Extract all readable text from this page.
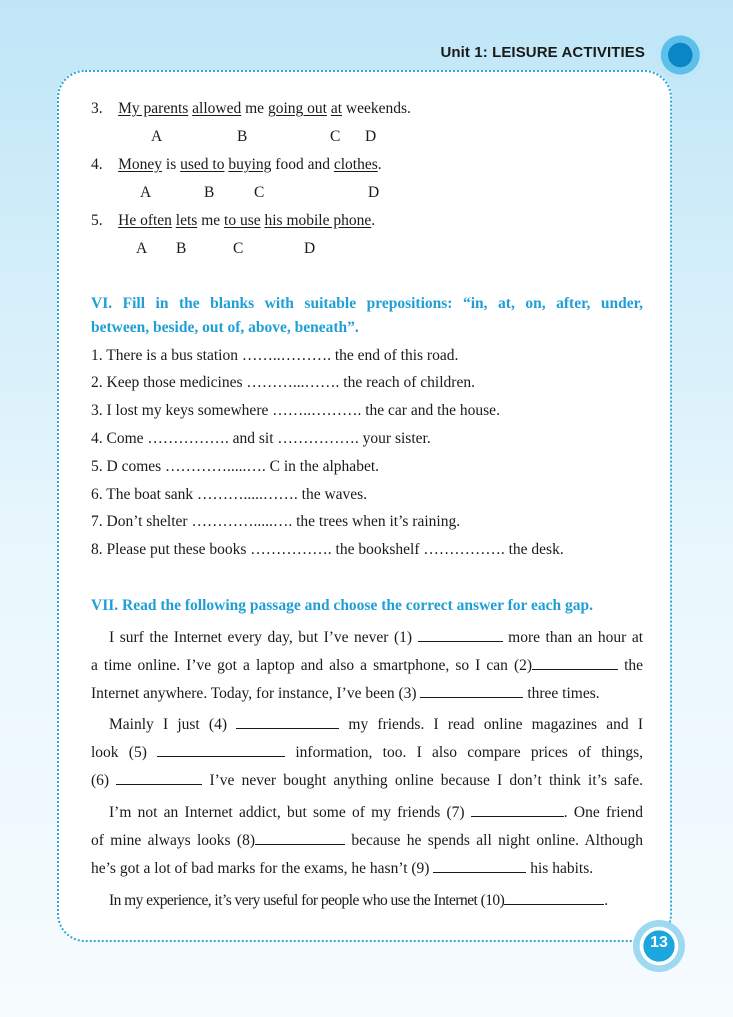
Unit 1: LEISURE ACTIVITIES
3. My parents allowed me going out at weekends.
A	B	C D
4. Money is used to buying food and clothes.
A	B	C	D
5. He often lets me to use his mobile phone.
A B	C	D
VI. Fill in the blanks with suitable prepositions: “in, at, on, after, under,
between, beside, out of, above, beneath”.
1. There is a bus station ……..………. the end of this road.
2. Keep those medicines ………...……. the reach of children.
3. I lost my keys somewhere ……..………. the car and the house.
4. Come ……………. and sit ……………. your sister.
5. D comes ………….....…. C in the alphabet.
6. The boat sank ……….....……. the waves.
7. Don’t shelter ………….....…. the trees when it’s raining.
8. Please put these books ……………. the bookshelf ……………. the desk.
VII. Read the following passage and choose the correct answer for each gap.
I surf the Internet every day, but I’ve never (1)	more than an hour at
a time online. I’ve got a laptop and also a smartphone, so I can (2)	the
Internet anywhere. Today, for instance, I’ve been (3)	three times.
Mainly I just (4)	my friends. I read online magazines and I
look (5)	information, too. I also compare prices of things,
(6)	I’ve never bought anything online because I don’t think it’s safe.
I’m not an Internet addict, but some of my friends (7)	. One friend
of mine always looks (8)	because he spends all night online. Although
he’s got a lot of bad marks for the exams, he hasn’t (9)	his habits.
In my experience, it’s very useful for people who use the Internet (10)	.
13
